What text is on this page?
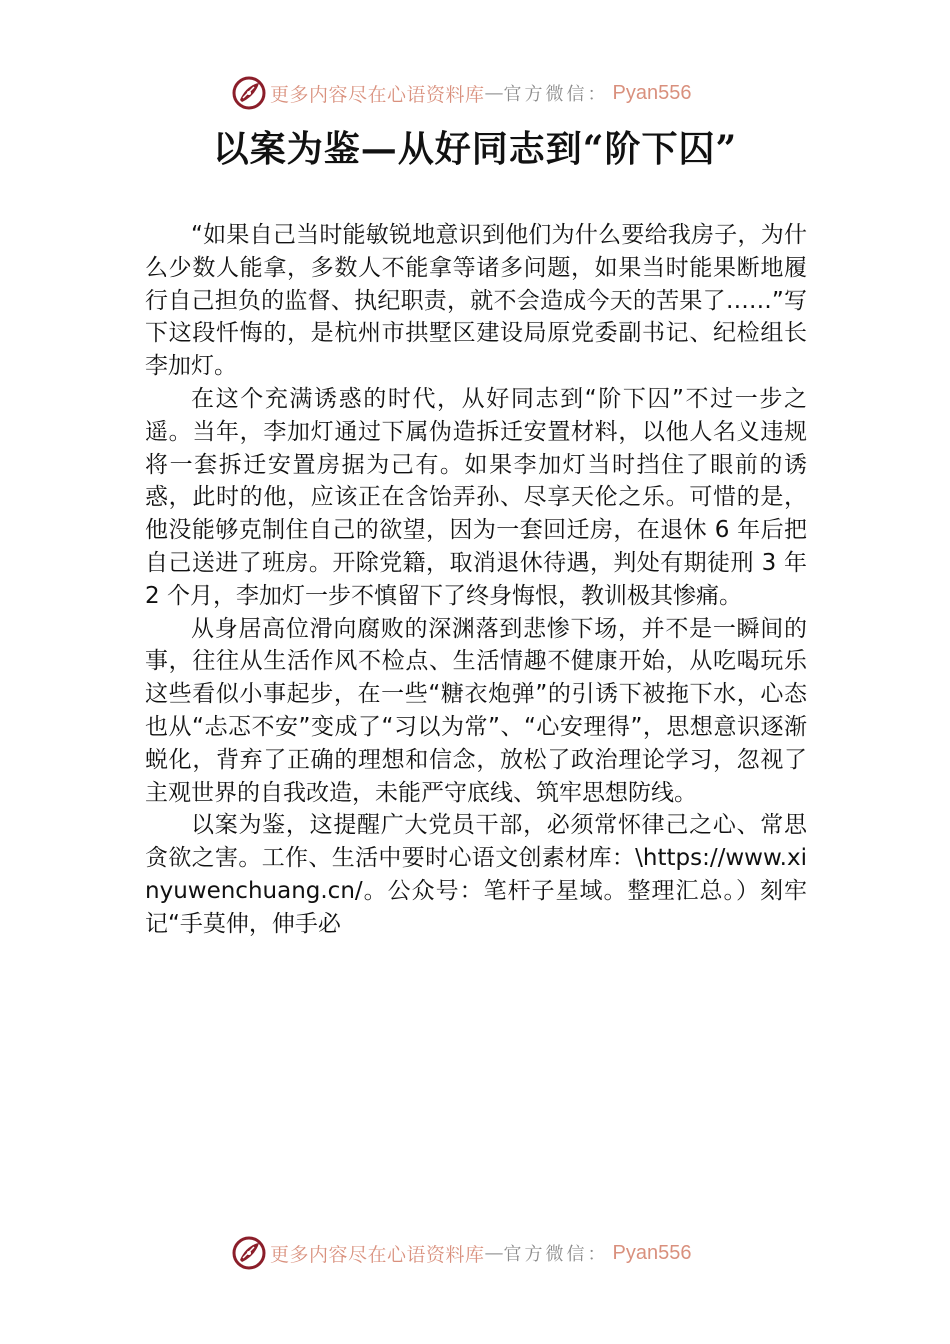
更多内容尽在心语资料库 — 官方微信： Pyan556
以案为鉴—从好同志到“阶下囚”

“如果自己当时能敏锐地意识到他们为什么要给我房子，为什么少数人能拿，多数人不能拿等诸多问题，如果当时能果断地履行自己担负的监督、执纪职责，就不会造成今天的苦果了……”写下这段忏悔的，是杭州市拱墅区建设局原党委副书记、纪检组长李加灯。

在这个充满诱惑的时代，从好同志到“阶下囚”不过一步之遥。当年，李加灯通过下属伪造拆迁安置材料，以他人名义违规将一套拆迁安置房据为己有。如果李加灯当时挡住了眼前的诱惑，此时的他，应该正在含饴弄孙、尽享天伦之乐。可惜的是，他没能够克制住自己的欲望，因为一套回迁房，在退休 6 年后把自己送进了班房。开除党籍，取消退休待遇，判处有期徒刑 3 年 2 个月，李加灯一步不慎留下了终身悔恨，教训极其惨痛。

从身居高位滑向腐败的深渊落到悲惨下场，并不是一瞬间的事，往往从生活作风不检点、生活情趣不健康开始，从吃喝玩乐这些看似小事起步，在一些“糖衣炮弹”的引诱下被拖下水，心态也从“忐忑不安”变成了“习以为常”、“心安理得”，思想意识逐渐蜕化，背弃了正确的理想和信念，放松了政治理论学习，忽视了主观世界的自我改造，未能严守底线、筑牢思想防线。

以案为鉴，这提醒广大党员干部，必须常怀律己之心、常思贪欲之害。工作、生活中要时心语文创素材库：\https://www.xinyuwenchuang.cn/。公众号：笔杆子星域。整理汇总。）刻牢记“手莫伸，伸手必

更多内容尽在心语资料库 — 官方微信： Pyan556
